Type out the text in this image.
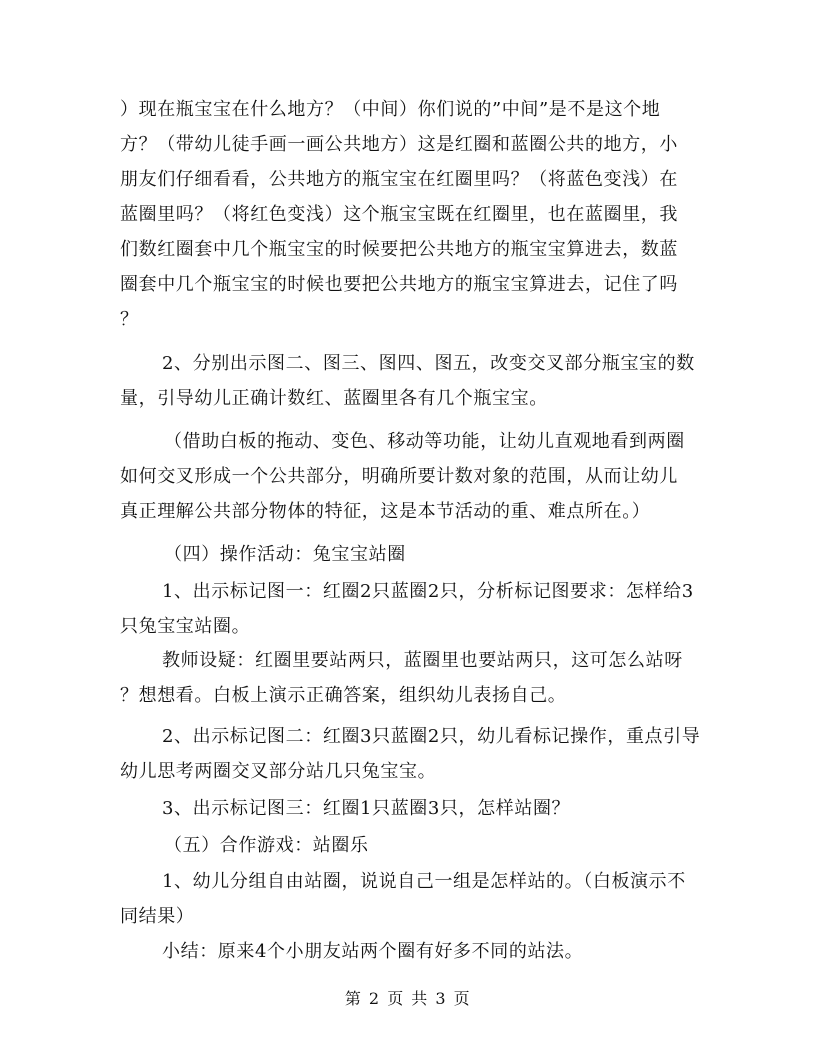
）现在瓶宝宝在什么地方？（中间）你们说的”中间”是不是这个地
方？（带幼儿徒手画一画公共地方）这是红圈和蓝圈公共的地方，小
朋友们仔细看看，公共地方的瓶宝宝在红圈里吗？（将蓝色变浅）在
蓝圈里吗？（将红色变浅）这个瓶宝宝既在红圈里，也在蓝圈里，我
们数红圈套中几个瓶宝宝的时候要把公共地方的瓶宝宝算进去，数蓝
圈套中几个瓶宝宝的时候也要把公共地方的瓶宝宝算进去，记住了吗
？
2、分别出示图二、图三、图四、图五，改变交叉部分瓶宝宝的数
量，引导幼儿正确计数红、蓝圈里各有几个瓶宝宝。
（借助白板的拖动、变色、移动等功能，让幼儿直观地看到两圈
如何交叉形成一个公共部分，明确所要计数对象的范围，从而让幼儿
真正理解公共部分物体的特征，这是本节活动的重、难点所在。）
（四）操作活动：兔宝宝站圈
1、出示标记图一：红圈2只蓝圈2只，分析标记图要求：怎样给3
只兔宝宝站圈。
教师设疑：红圈里要站两只，蓝圈里也要站两只，这可怎么站呀
？想想看。白板上演示正确答案，组织幼儿表扬自己。
2、出示标记图二：红圈3只蓝圈2只，幼儿看标记操作，重点引导
幼儿思考两圈交叉部分站几只兔宝宝。
3、出示标记图三：红圈1只蓝圈3只，怎样站圈？
（五）合作游戏：站圈乐
1、幼儿分组自由站圈，说说自己一组是怎样站的。（白板演示不
同结果）
小结：原来4个小朋友站两个圈有好多不同的站法。
第 2 页 共 3 页
